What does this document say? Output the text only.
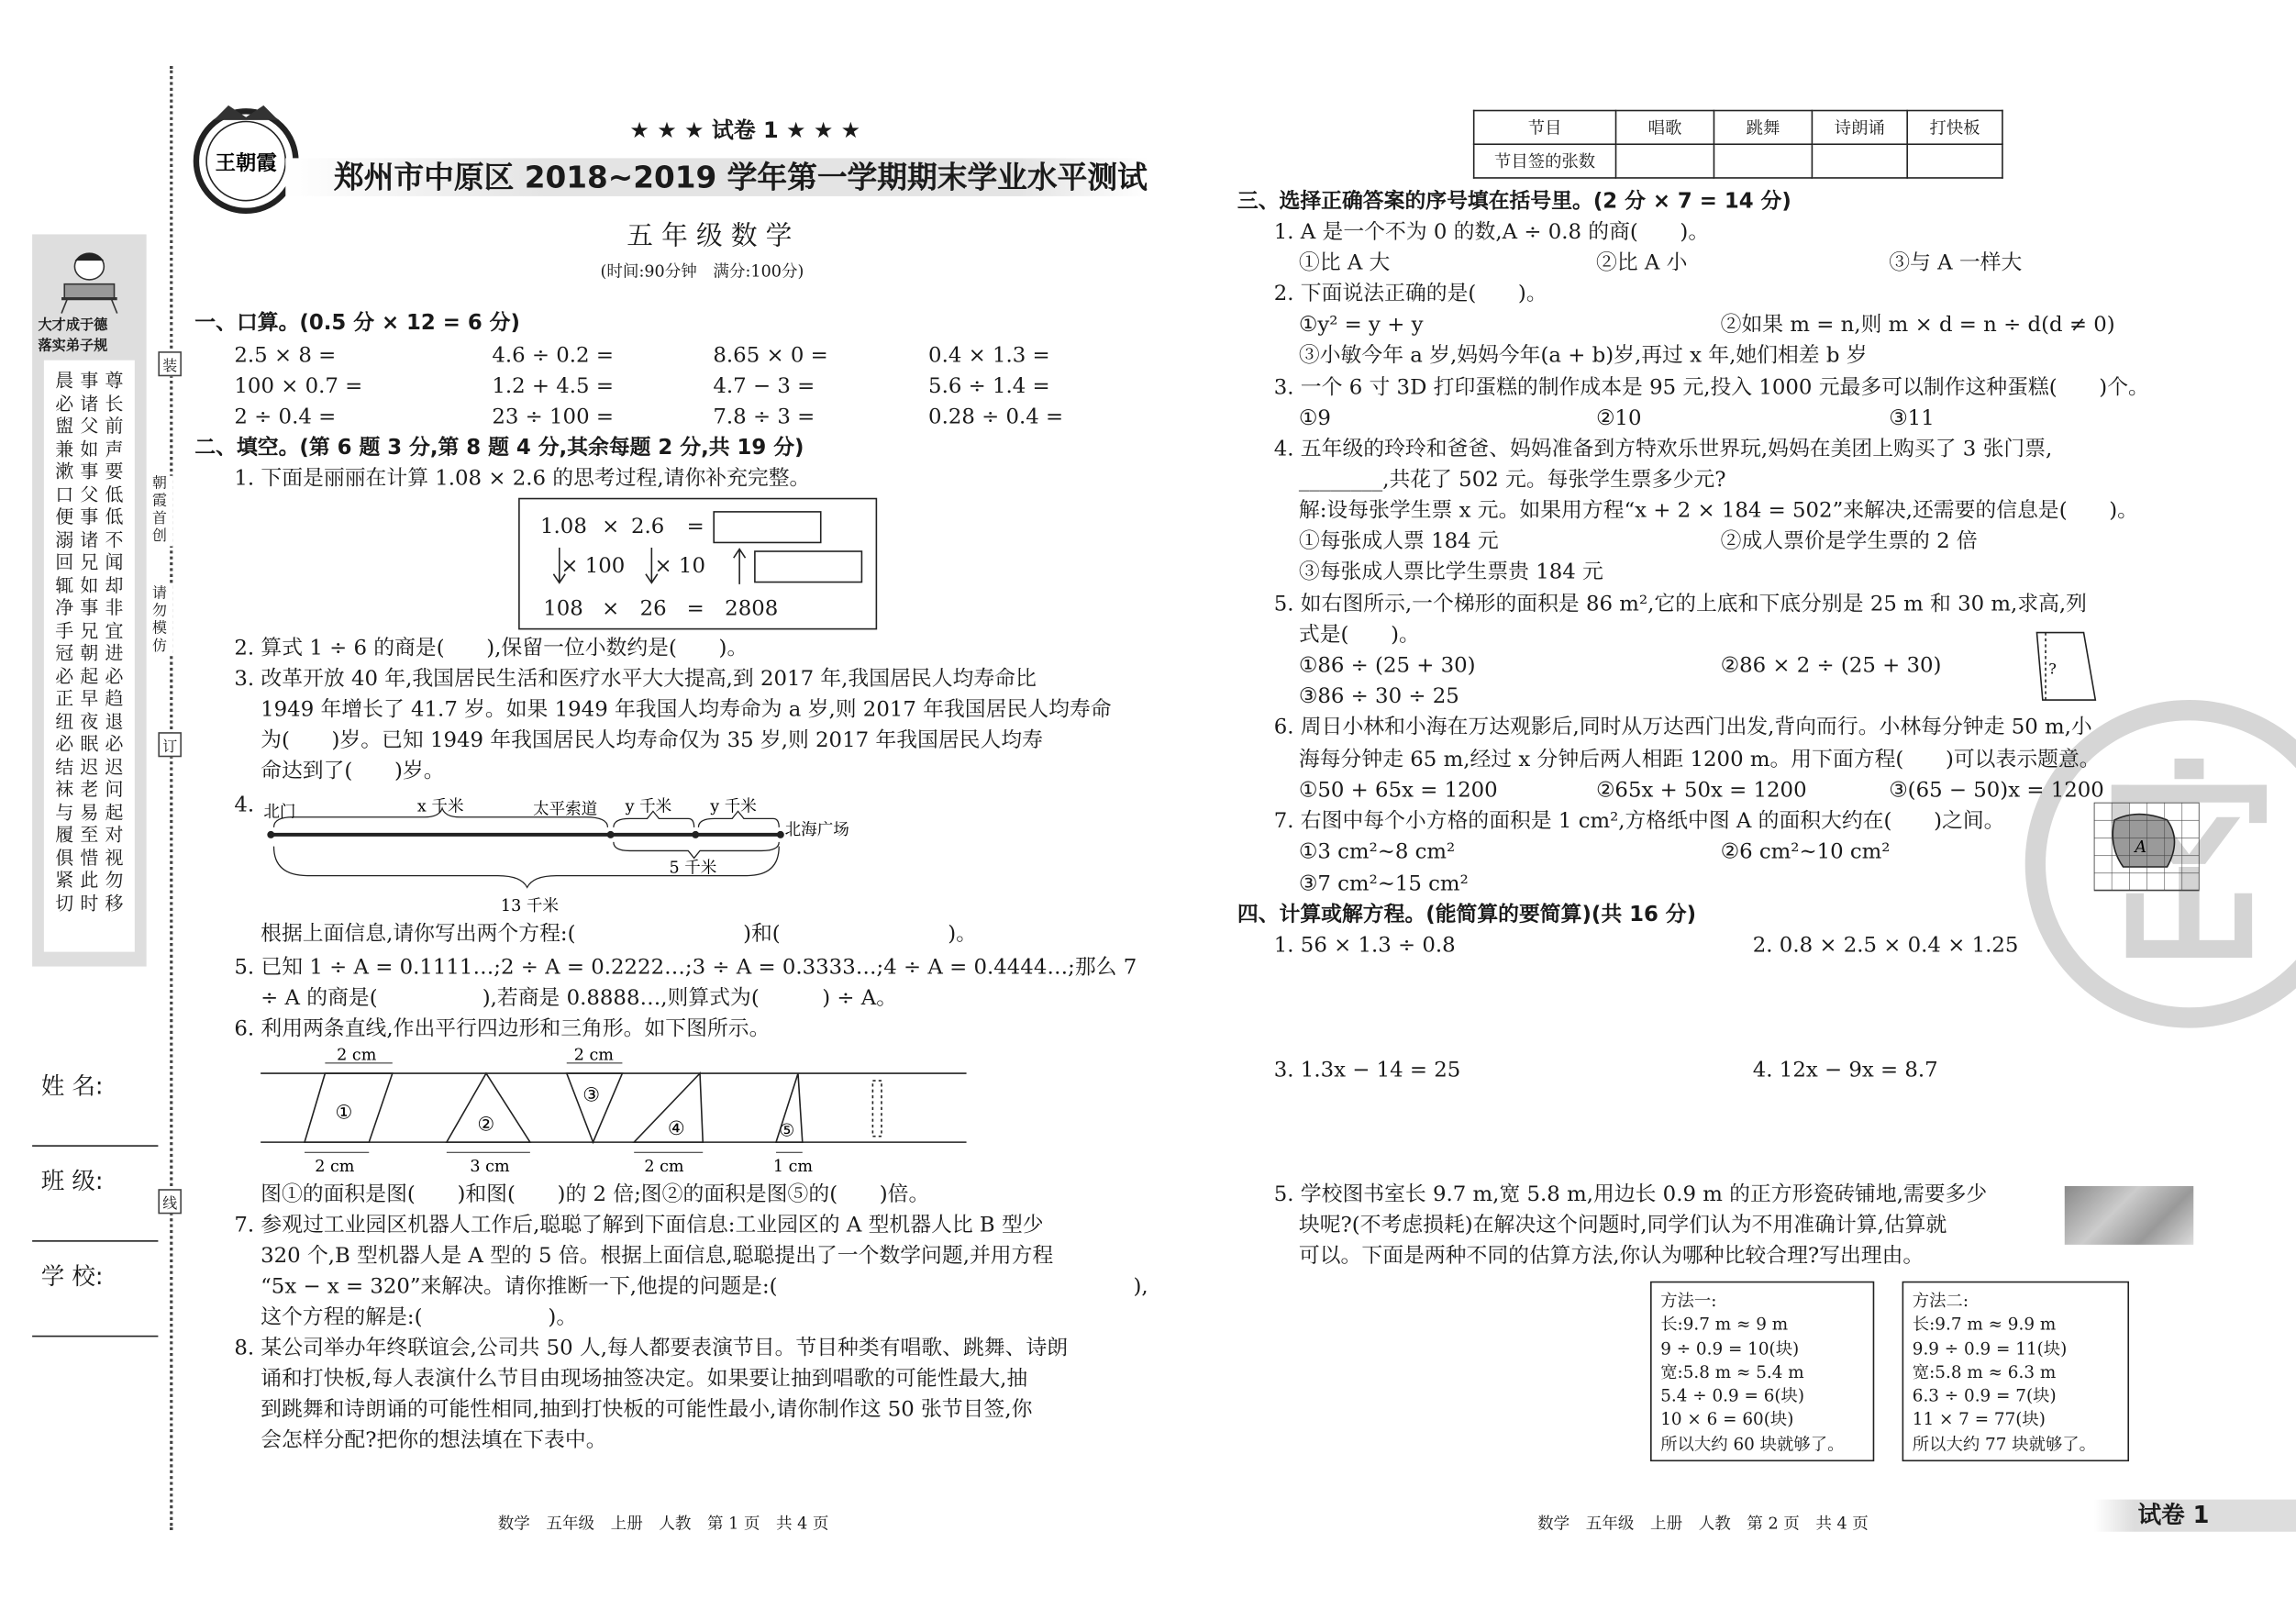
大才成于德
落实弟子规
晨必盥兼漱口便溺回辄净手冠必正纽必结袜与履俱紧切
事诸父如事父事诸兄如事兄朝起早夜眠迟老易至惜此时
尊长前声要低低不闻却非宜进必趋退必迟问起对视勿移
装
订
线
朝霞首创
请勿模仿
姓 名:
班 级:
学 校:
王朝霞
★ ★ ★ 试卷 1 ★ ★ ★
郑州市中原区 2018~2019 学年第一学期期末学业水平测试
五 年 级 数 学
(时间:90分钟　满分:100分)
一、口算。(0.5 分 × 12 = 6 分)
2.5 × 8 =	4.6 ÷ 0.2 =	8.65 × 0 =	0.4 × 1.3 =
100 × 0.7 =	1.2 + 4.5 =	4.7 − 3 =	5.6 ÷ 1.4 =
2 ÷ 0.4 =	23 ÷ 100 =	7.8 ÷ 3 =	0.28 ÷ 0.4 =
二、填空。(第 6 题 3 分,第 8 题 4 分,其余每题 2 分,共 19 分)
1. 下面是丽丽在计算 1.08 × 2.6 的思考过程,请你补充完整。
1.08 × 2.6 =
× 100 × 10
108 × 26 = 2808
2. 算式 1 ÷ 6 的商是(　　),保留一位小数约是(　　)。
3. 改革开放 40 年,我国居民生活和医疗水平大大提高,到 2017 年,我国居民人均寿命比
1949 年增长了 41.7 岁。如果 1949 年我国人均寿命为 a 岁,则 2017 年我国居民人均寿命
为(　　)岁。已知 1949 年我国居民人均寿命仅为 35 岁,则 2017 年我国居民人均寿
命达到了(　　)岁。
4. 北门	x 千米	太平索道	y 千米	y 千米
北海广场
5 千米
13 千米
根据上面信息,请你写出两个方程:(　　　　　　　　)和(　　　　　　　　)。
5. 已知 1 ÷ A = 0.1111…;2 ÷ A = 0.2222…;3 ÷ A = 0.3333…;4 ÷ A = 0.4444…;那么 7
÷ A 的商是(　　　　　),若商是 0.8888…,则算式为(　　　) ÷ A。
6. 利用两条直线,作出平行四边形和三角形。如下图所示。
2 cm	2 cm
2 cm	3 cm	2 cm	1 cm
①
②
③
④	⑤
图①的面积是图(　　)和图(　　)的 2 倍;图②的面积是图⑤的(　　)倍。
7. 参观过工业园区机器人工作后,聪聪了解到下面信息:工业园区的 A 型机器人比 B 型少
320 个,B 型机器人是 A 型的 5 倍。根据上面信息,聪聪提出了一个数学问题,并用方程
“5x − x = 320”来解决。请你推断一下,他提的问题是:(　　　　　　　　　　　　　　　　　),
这个方程的解是:(　　　　　　)。
8. 某公司举办年终联谊会,公司共 50 人,每人都要表演节目。节目种类有唱歌、跳舞、诗朗
诵和打快板,每人表演什么节目由现场抽签决定。如果要让抽到唱歌的可能性最大,抽
到跳舞和诗朗诵的可能性相同,抽到打快板的可能性最小,请你制作这 50 张节目签,你
会怎样分配?把你的想法填在下表中。
数学　五年级　上册　人教　第 1 页　共 4 页
节目	唱歌	跳舞	诗朗诵	打快板
节目签的张数				
三、选择正确答案的序号填在括号里。(2 分 × 7 = 14 分)
1. A 是一个不为 0 的数,A ÷ 0.8 的商(　　)。
①比 A 大	②比 A 小	③与 A 一样大
2. 下面说法正确的是(　　)。
①y² = y + y	②如果 m = n,则 m × d = n ÷ d(d ≠ 0)
③小敏今年 a 岁,妈妈今年(a + b)岁,再过 x 年,她们相差 b 岁
3. 一个 6 寸 3D 打印蛋糕的制作成本是 95 元,投入 1000 元最多可以制作这种蛋糕(　　)个。
①9	②10	③11
4. 五年级的玲玲和爸爸、妈妈准备到方特欢乐世界玩,妈妈在美团上购买了 3 张门票,
________,共花了 502 元。每张学生票多少元?
解:设每张学生票 x 元。如果用方程“x + 2 × 184 = 502”来解决,还需要的信息是(　　)。
①每张成人票 184 元	②成人票价是学生票的 2 倍
③每张成人票比学生票贵 184 元
5. 如右图所示,一个梯形的面积是 86 m²,它的上底和下底分别是 25 m 和 30 m,求高,列
式是(　　)。
①86 ÷ (25 + 30)	②86 × 2 ÷ (25 + 30)
③86 ÷ 30 ÷ 25
?
6. 周日小林和小海在万达观影后,同时从万达西门出发,背向而行。小林每分钟走 50 m,小
海每分钟走 65 m,经过 x 分钟后两人相距 1200 m。用下面方程(　　)可以表示题意。
①50 + 65x = 1200	②65x + 50x = 1200	③(65 − 50)x = 1200
7. 右图中每个小方格的面积是 1 cm²,方格纸中图 A 的面积大约在(　　)之间。
①3 cm²~8 cm²	②6 cm²~10 cm²
③7 cm²~15 cm²
A
四、计算或解方程。(能简算的要简算)(共 16 分)
1. 56 × 1.3 ÷ 0.8	2. 0.8 × 2.5 × 0.4 × 1.25
3. 1.3x − 14 = 25	4. 12x − 9x = 8.7
5. 学校图书室长 9.7 m,宽 5.8 m,用边长 0.9 m 的正方形瓷砖铺地,需要多少
块呢?(不考虑损耗)在解决这个问题时,同学们认为不用准确计算,估算就
可以。下面是两种不同的估算方法,你认为哪种比较合理?写出理由。
方法一:
长:9.7 m ≈ 9 m
9 ÷ 0.9 = 10(块)
宽:5.8 m ≈ 5.4 m
5.4 ÷ 0.9 = 6(块)
10 × 6 = 60(块)
所以大约 60 块就够了。
方法二:
长:9.7 m ≈ 9.9 m
9.9 ÷ 0.9 = 11(块)
宽:5.8 m ≈ 6.3 m
6.3 ÷ 0.9 = 7(块)
11 × 7 = 77(块)
所以大约 77 块就够了。
数学　五年级　上册　人教　第 2 页　共 4 页	试卷 1
